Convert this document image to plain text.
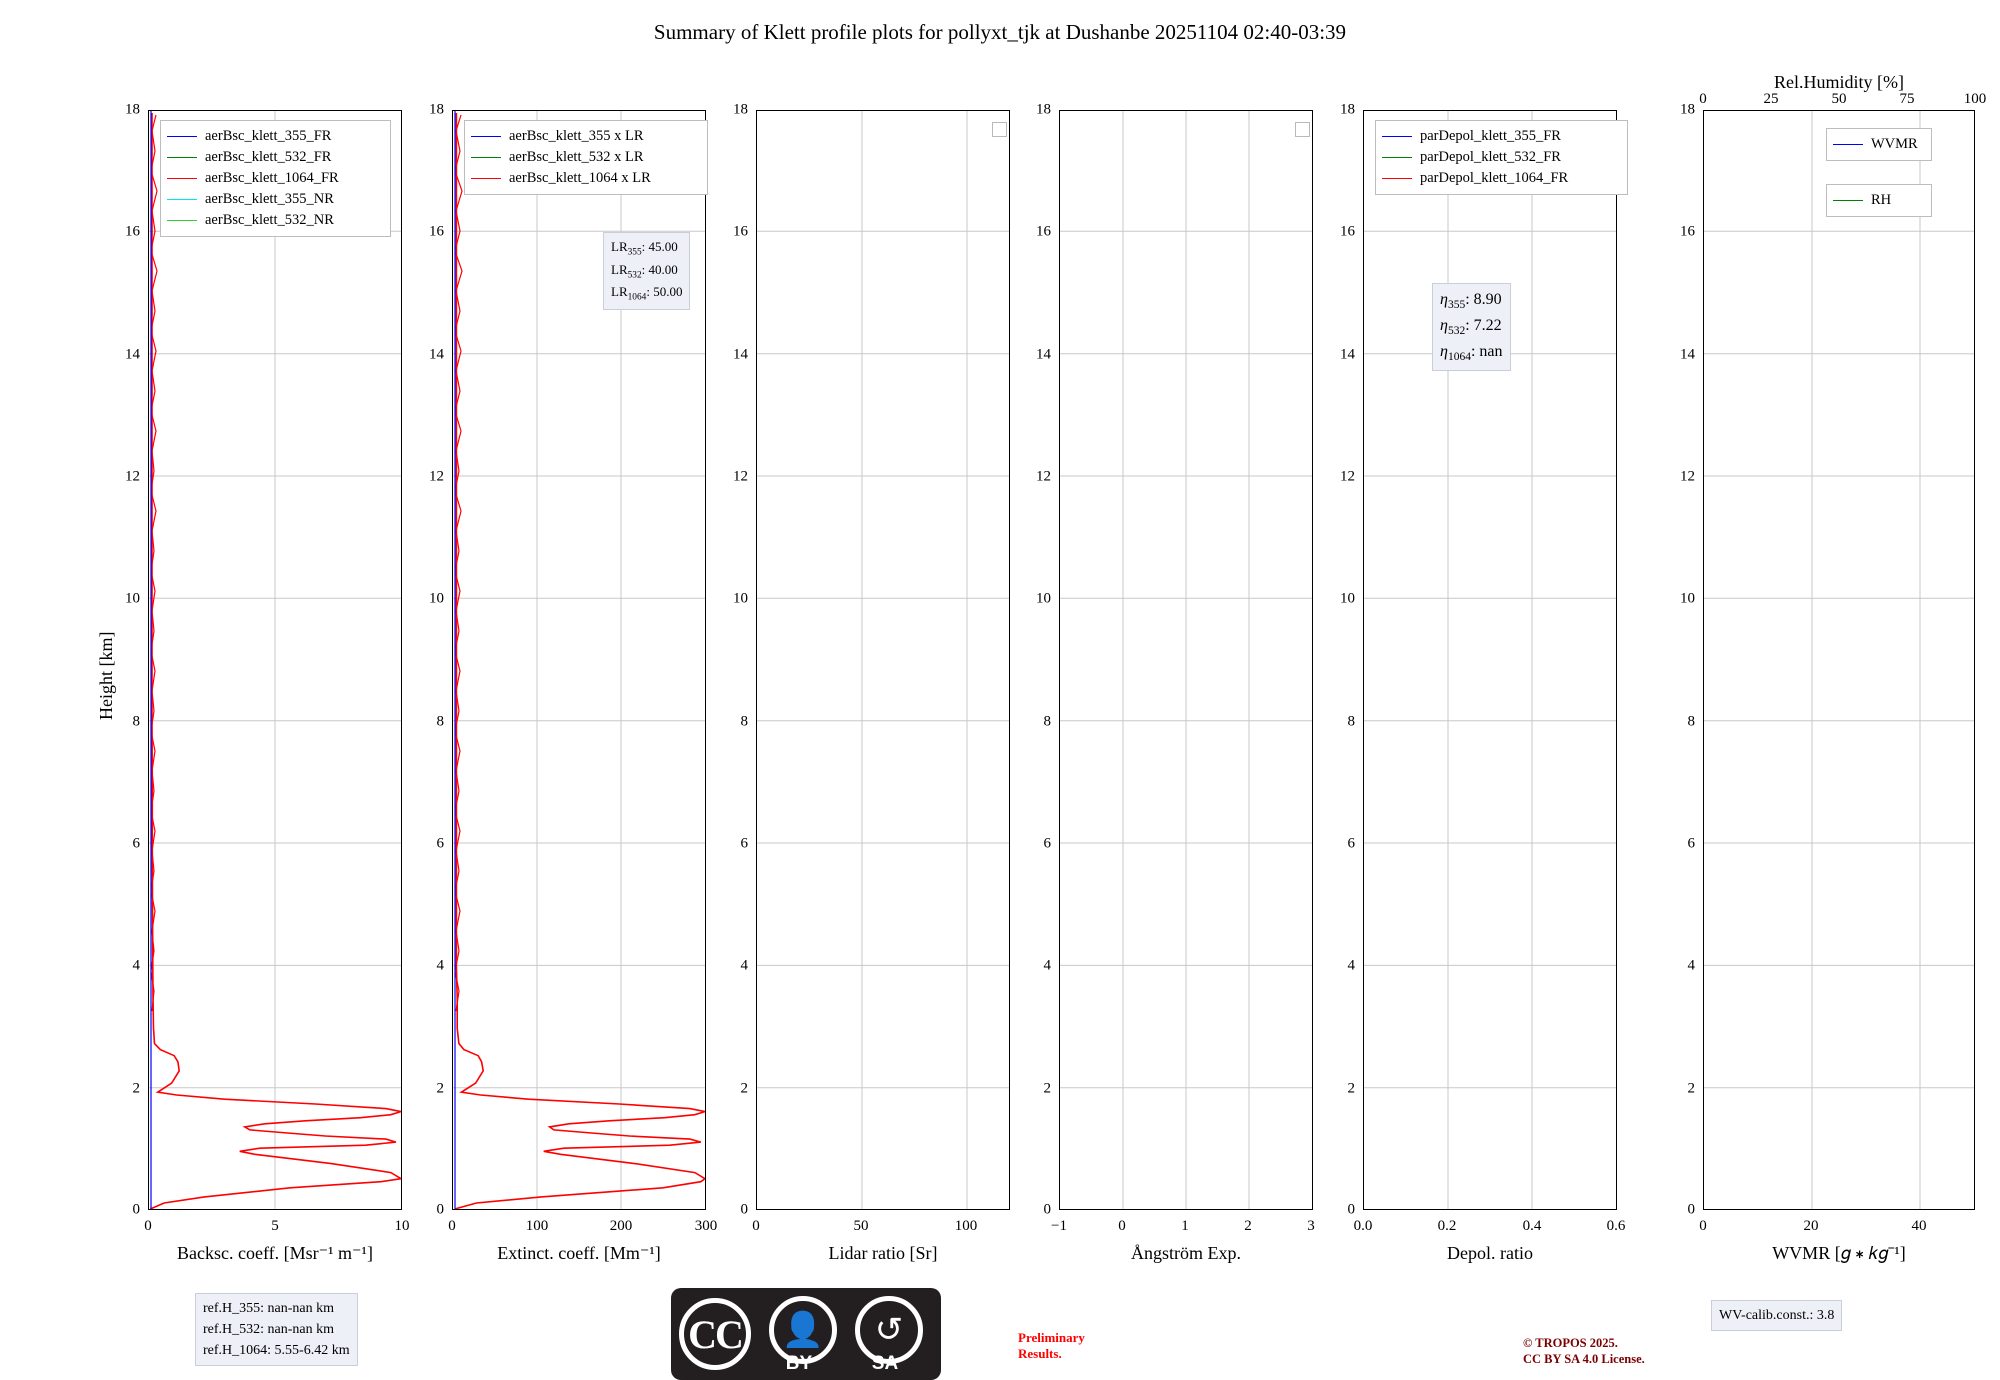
Summary of Klett profile plots for pollyxt_tjk at Dushanbe 20251104 02:40-03:39
aerBsc_klett_355_FR
aerBsc_klett_532_FR
aerBsc_klett_1064_FR
aerBsc_klett_355_NR
aerBsc_klett_532_NR
aerBsc_klett_355 x LR
aerBsc_klett_532 x LR
aerBsc_klett_1064 x LR
$LR_{355}$: 45.00
$LR_{532}$: 40.00
$LR_{1064}$: 50.00
parDepol_klett_355_FR
parDepol_klett_532_FR
parDepol_klett_1064_FR
$\eta_{355}$: 8.90
$\eta_{532}$: 7.22
$\eta_{1064}$: nan
WVMR
RH
Height [km]
18
16
14
12
10
8
6
4
2
0
18
16
14
12
10
8
6
4
2
0
18
16
14
12
10
8
6
4
2
0
18
16
14
12
10
8
6
4
2
0
18
16
14
12
10
8
6
4
2
0
18
16
14
12
10
8
6
4
2
0
0	5	10	0	100	200	300 0	50	100	−1	0	1	2	3	0.0	0.2	0.4	0.6	0	20	40
Rel.Humidity [%]
0	25	50	75	100
Backsc. coeff. [Msr⁻¹ m⁻¹]	Extinct. coeff. [Mm⁻¹]	Lidar ratio [Sr]	Ångström Exp.	Depol. ratio	WVMR [𝑔 ∗ 𝑘𝑔⁻¹]
ref.H_355: nan-nan km
ref.H_532: nan-nan km
ref.H_1064: 5.55-6.42 km
WV-calib.const.: 3.8
CC	👤
BY
↺
SA
Preliminary
Results.
© TROPOS 2025.
CC BY SA 4.0 License.
